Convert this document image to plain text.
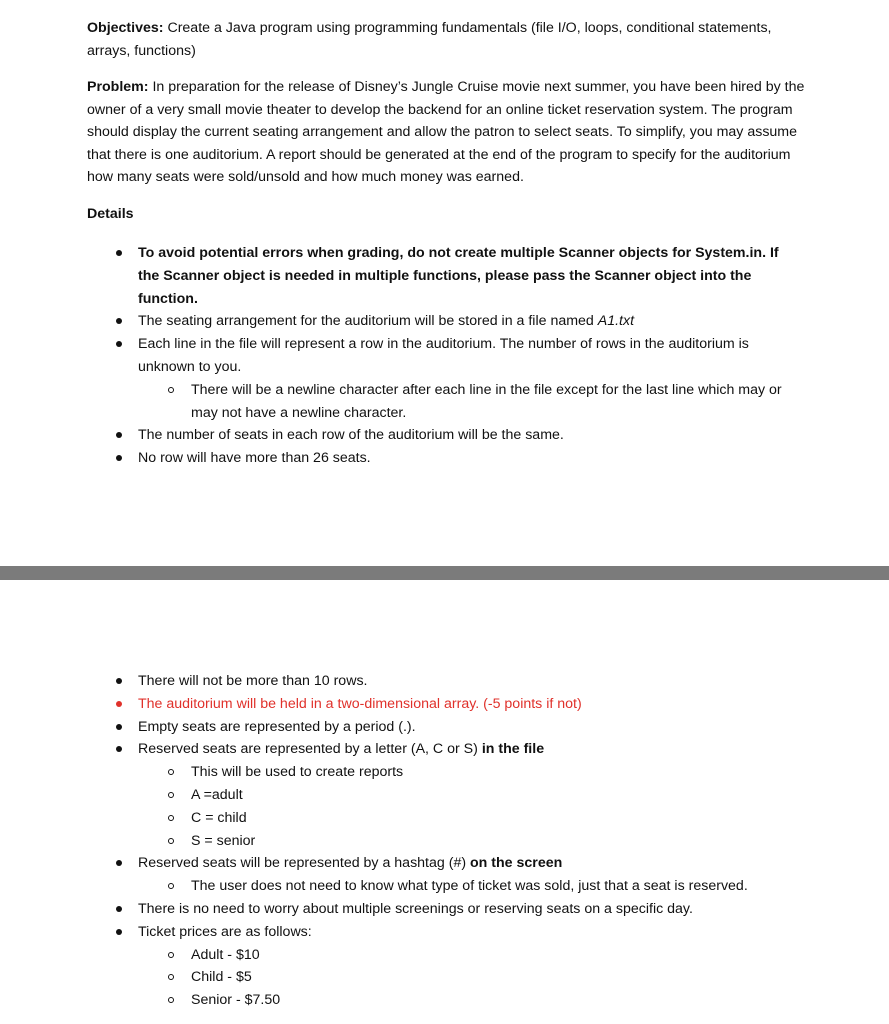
Objectives: Create a Java program using programming fundamentals (file I/O, loops, conditional statements, arrays, functions)
Problem: In preparation for the release of Disney’s Jungle Cruise movie next summer, you have been hired by the owner of a very small movie theater to develop the backend for an online ticket reservation system. The program should display the current seating arrangement and allow the patron to select seats. To simplify, you may assume that there is one auditorium. A report should be generated at the end of the program to specify for the auditorium how many seats were sold/unsold and how much money was earned.
Details
To avoid potential errors when grading, do not create multiple Scanner objects for System.in. If the Scanner object is needed in multiple functions, please pass the Scanner object into the function.
The seating arrangement for the auditorium will be stored in a file named A1.txt
Each line in the file will represent a row in the auditorium. The number of rows in the auditorium is unknown to you.
There will be a newline character after each line in the file except for the last line which may or may not have a newline character.
The number of seats in each row of the auditorium will be the same.
No row will have more than 26 seats.
There will not be more than 10 rows.
The auditorium will be held in a two-dimensional array. (-5 points if not)
Empty seats are represented by a period (.).
Reserved seats are represented by a letter (A, C or S) in the file
This will be used to create reports
A =adult
C = child
S = senior
Reserved seats will be represented by a hashtag (#) on the screen
The user does not need to know what type of ticket was sold, just that a seat is reserved.
There is no need to worry about multiple screenings or reserving seats on a specific day.
Ticket prices are as follows:
Adult - $10
Child - $5
Senior - $7.50
